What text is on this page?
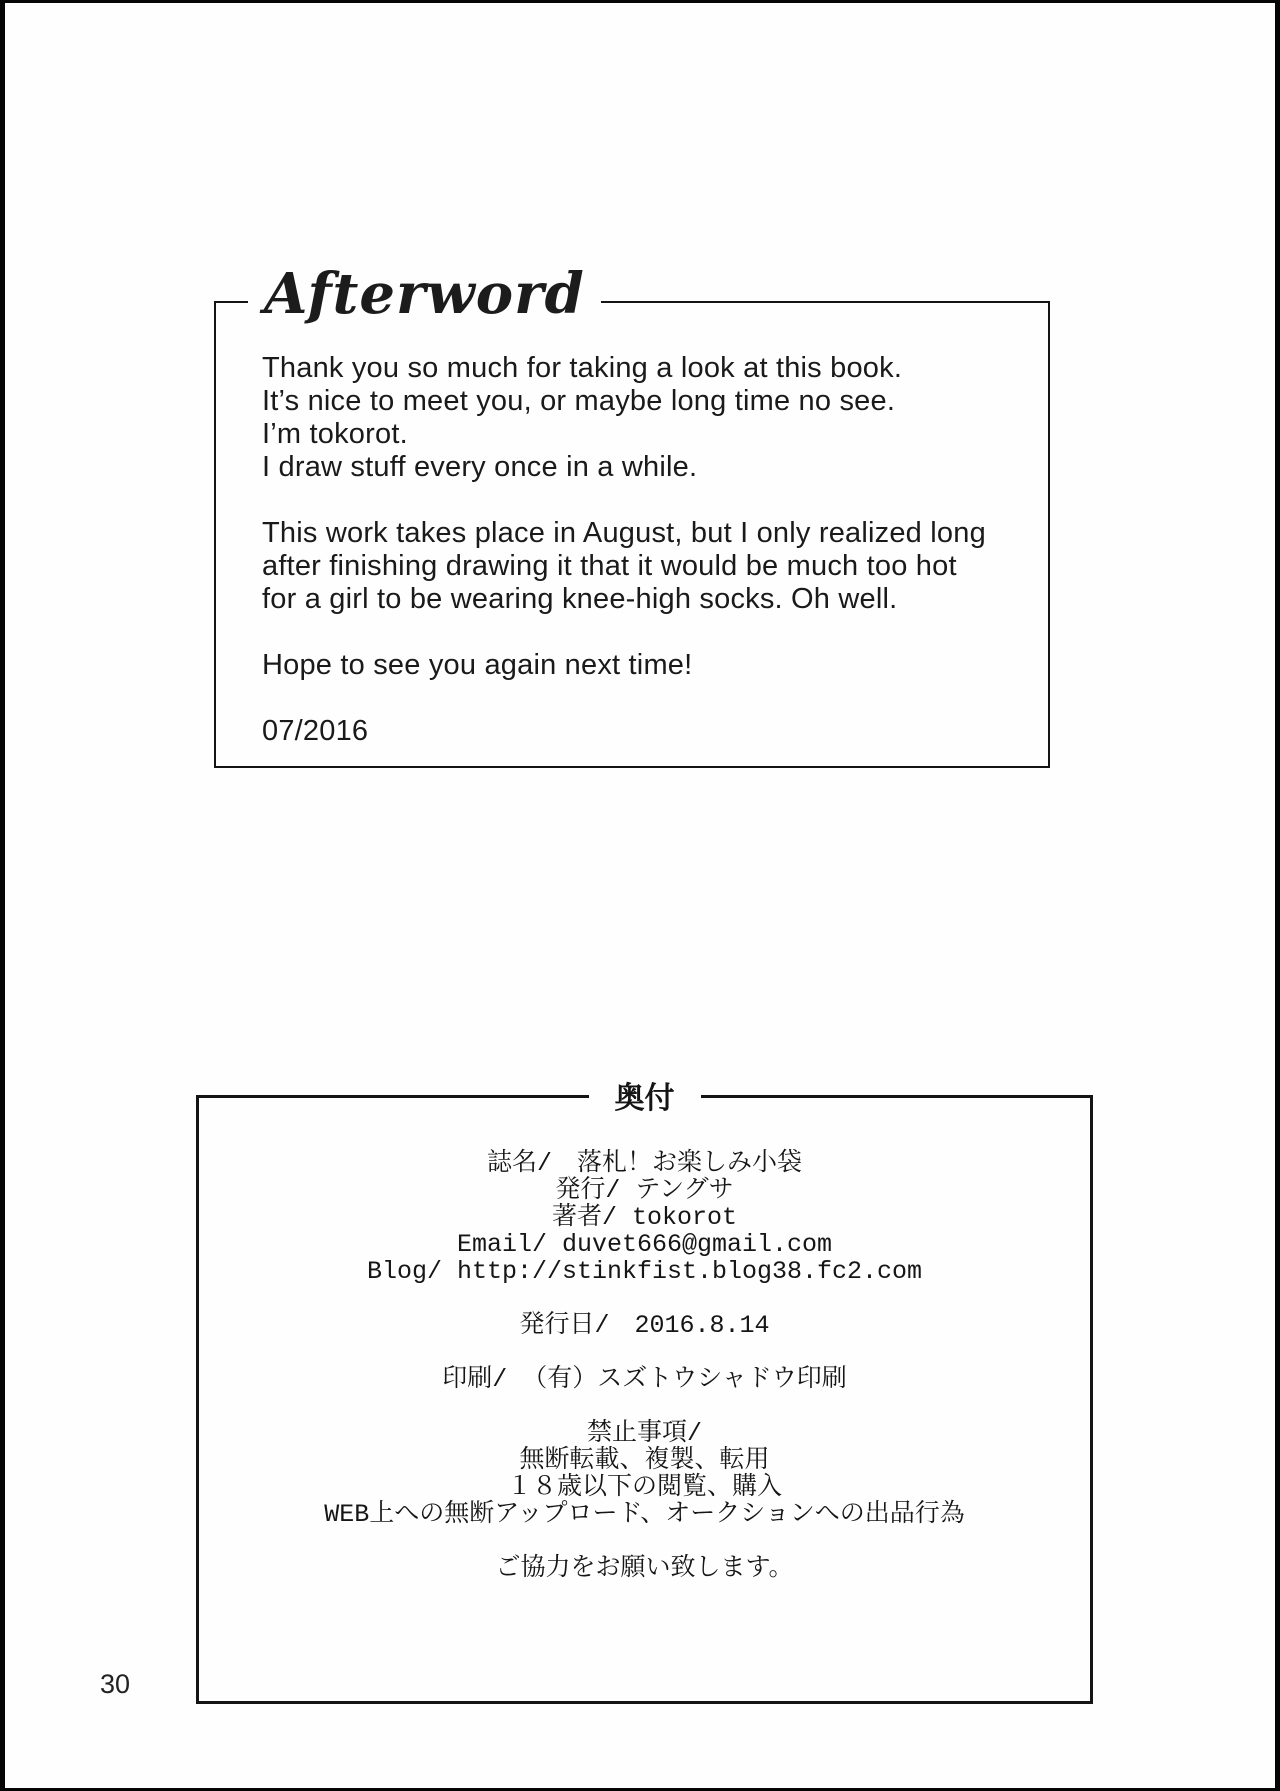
Afterword

Thank you so much for taking a look at this book.
It’s nice to meet you, or maybe long time no see.
I’m tokorot.
I draw stuff every once in a while.

This work takes place in August, but I only realized long
after finishing drawing it that it would be much too hot
for a girl to be wearing knee-high socks. Oh well.

Hope to see you again next time!

07/2016

奥付
誌名/　落札！お楽しみ小袋
発行/ テングサ
著者/ tokorot
Email/ duvet666@gmail.com
Blog/ http://stinkfist.blog38.fc2.com
発行日/　2016.8.14
印刷/ （有）スズトウシャドウ印刷
禁止事項/
無断転載、複製、転用
１８歳以下の閲覧、購入
WEB上への無断アップロード、オークションへの出品行為
ご協力をお願い致します。
30
